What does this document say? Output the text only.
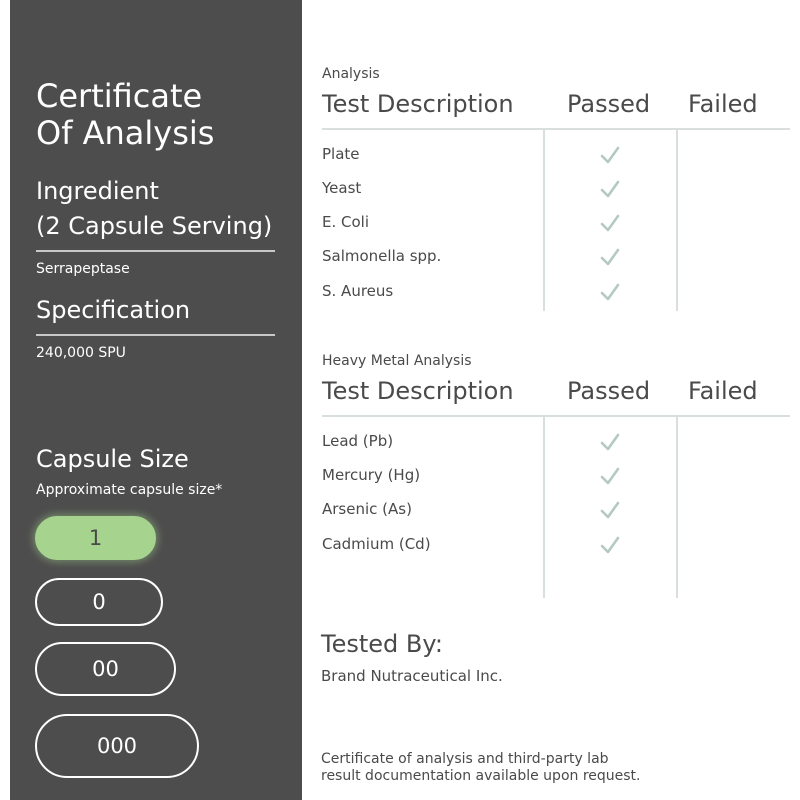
Certificate
Of Analysis
Ingredient
(2 Capsule Serving)
Serrapeptase
Specification
240,000 SPU
Capsule Size
Approximate capsule size*
1
0
00
000
Analysis
Test Description Passed Failed
Plate
Yeast
E. Coli
Salmonella spp.
S. Aureus
Heavy Metal Analysis
Test Description Passed Failed
Lead (Pb)
Mercury (Hg)
Arsenic (As)
Cadmium (Cd)
Tested By:
Brand Nutraceutical Inc.
Certificate of analysis and third-party lab
result documentation available upon request.
